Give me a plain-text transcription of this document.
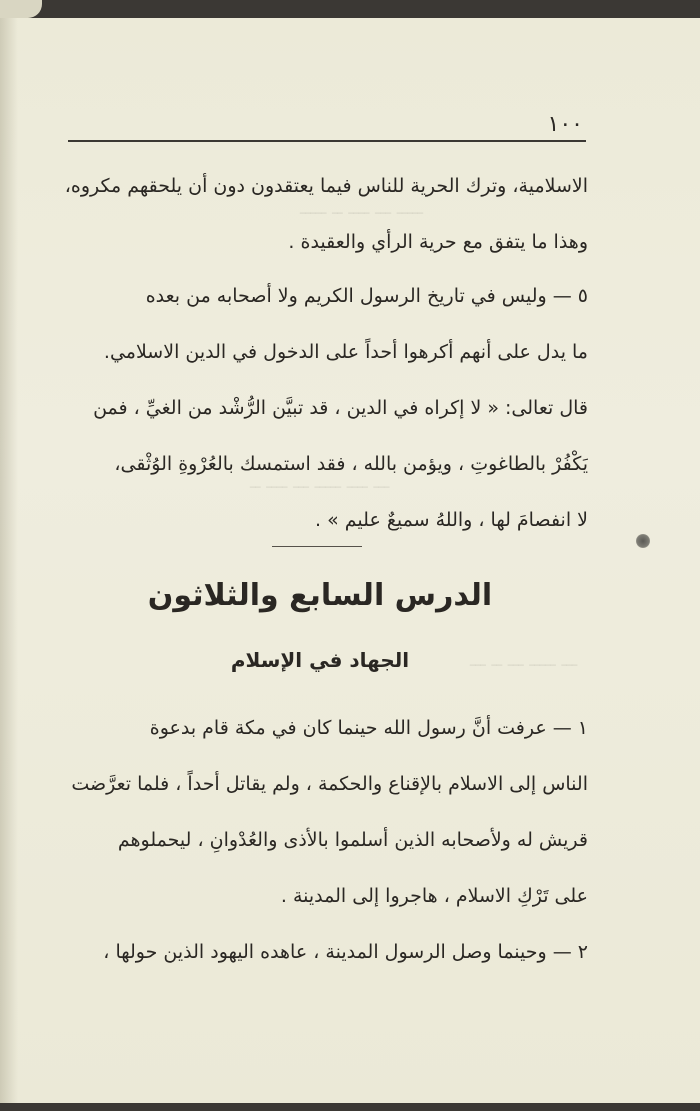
ـــــ ـــ ــــ ــ ـــــ
ـــ ــــ ـــــ ـــ ــــ ــ
ـــ ـــــ ـــ ــ ـــ
١٠٠
الاسلامية، وترك الحرية للناس فيما يعتقدون دون أن يلحقهم مكروه،
وهذا ما يتفق مع حرية الرأي والعقيدة .
٥ — وليس في تاريخ الرسول الكريم ولا أصحابه من بعده
ما يدل على أنهم أكرهوا أحداً على الدخول في الدين الاسلامي.
قال تعالى: « لا إكراه في الدين ، قد تبيَّن الرُّشْد من الغيِّ ، فمن
يَكْفُرْ بالطاغوتِ ، ويؤمن بالله ، فقد استمسك بالعُرْوةِ الوُثْقى،
لا انفصامَ لها ، واللهُ سميعٌ عليم » .
الدرس السابع والثلاثون
الجهاد في الإسلام
١ — عرفت أنَّ رسول الله حينما كان في مكة قام بدعوة
الناس إلى الاسلام بالإقناع والحكمة ، ولم يقاتل أحداً ، فلما تعرَّضت
قريش له ولأصحابه الذين أسلموا بالأذى والعُدْوانِ ، ليحملوهم
على تَرْكِ الاسلام ، هاجروا إلى المدينة .
٢ — وحينما وصل الرسول المدينة ، عاهده اليهود الذين حولها ،
